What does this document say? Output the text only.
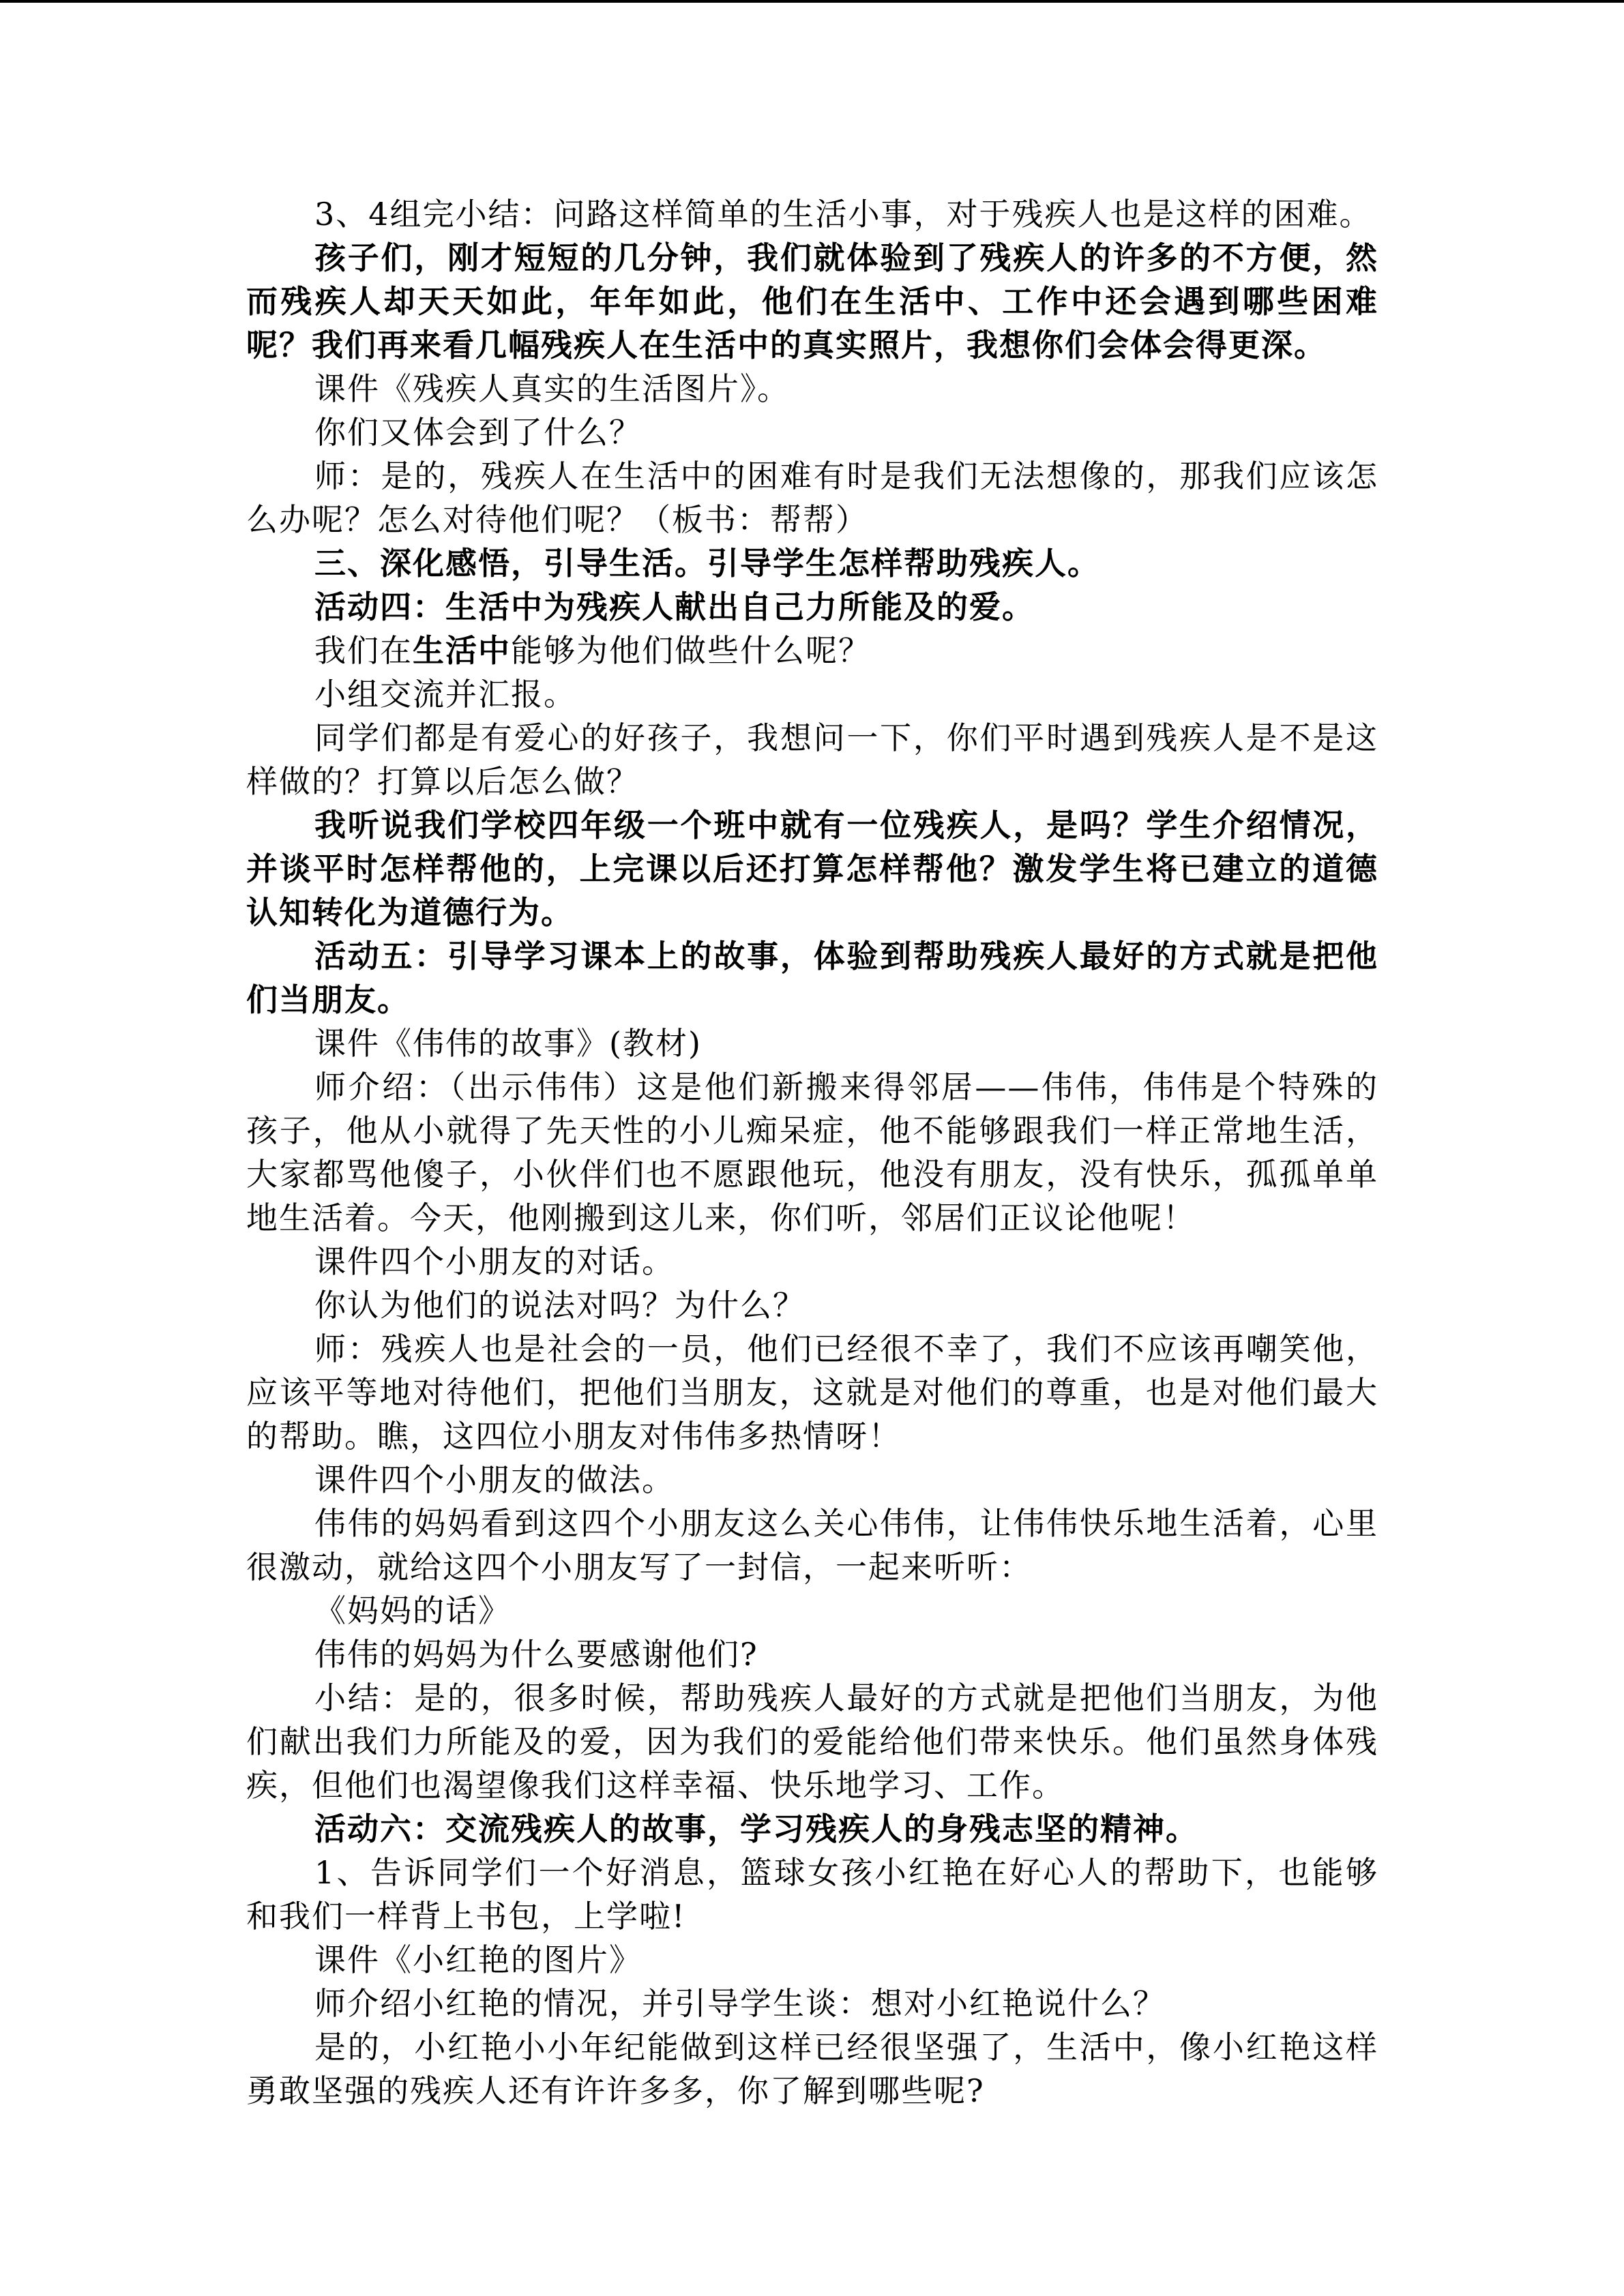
3、4组完小结：问路这样简单的生活小事，对于残疾人也是这样的困难。

孩子们，刚才短短的几分钟，我们就体验到了残疾人的许多的不方便，然而残疾人却天天如此，年年如此，他们在生活中、工作中还会遇到哪些困难呢？我们再来看几幅残疾人在生活中的真实照片，我想你们会体会得更深。

课件《残疾人真实的生活图片》。

你们又体会到了什么？

师：是的，残疾人在生活中的困难有时是我们无法想像的，那我们应该怎么办呢？怎么对待他们呢？（板书：帮帮）

三、深化感悟，引导生活。引导学生怎样帮助残疾人。

活动四：生活中为残疾人献出自己力所能及的爱。

我们在生活中能够为他们做些什么呢？

小组交流并汇报。

同学们都是有爱心的好孩子，我想问一下，你们平时遇到残疾人是不是这样做的？打算以后怎么做？

我听说我们学校四年级一个班中就有一位残疾人，是吗？学生介绍情况，并谈平时怎样帮他的，上完课以后还打算怎样帮他？激发学生将已建立的道德认知转化为道德行为。

活动五：引导学习课本上的故事，体验到帮助残疾人最好的方式就是把他们当朋友。

课件《伟伟的故事》(教材)

师介绍：（出示伟伟）这是他们新搬来得邻居——伟伟，伟伟是个特殊的孩子，他从小就得了先天性的小儿痴呆症，他不能够跟我们一样正常地生活，大家都骂他傻子，小伙伴们也不愿跟他玩，他没有朋友，没有快乐，孤孤单单地生活着。今天，他刚搬到这儿来，你们听，邻居们正议论他呢！

课件四个小朋友的对话。

你认为他们的说法对吗？为什么？

师：残疾人也是社会的一员，他们已经很不幸了，我们不应该再嘲笑他，应该平等地对待他们，把他们当朋友，这就是对他们的尊重，也是对他们最大的帮助。瞧，这四位小朋友对伟伟多热情呀！

课件四个小朋友的做法。

伟伟的妈妈看到这四个小朋友这么关心伟伟，让伟伟快乐地生活着，心里很激动，就给这四个小朋友写了一封信，一起来听听：

《妈妈的话》

伟伟的妈妈为什么要感谢他们?

小结：是的，很多时候，帮助残疾人最好的方式就是把他们当朋友，为他们献出我们力所能及的爱，因为我们的爱能给他们带来快乐。他们虽然身体残疾，但他们也渴望像我们这样幸福、快乐地学习、工作。

活动六：交流残疾人的故事，学习残疾人的身残志坚的精神。

1、告诉同学们一个好消息，篮球女孩小红艳在好心人的帮助下，也能够和我们一样背上书包，上学啦!

课件《小红艳的图片》

师介绍小红艳的情况，并引导学生谈：想对小红艳说什么？

是的，小红艳小小年纪能做到这样已经很坚强了，生活中，像小红艳这样勇敢坚强的残疾人还有许许多多，你了解到哪些呢?
